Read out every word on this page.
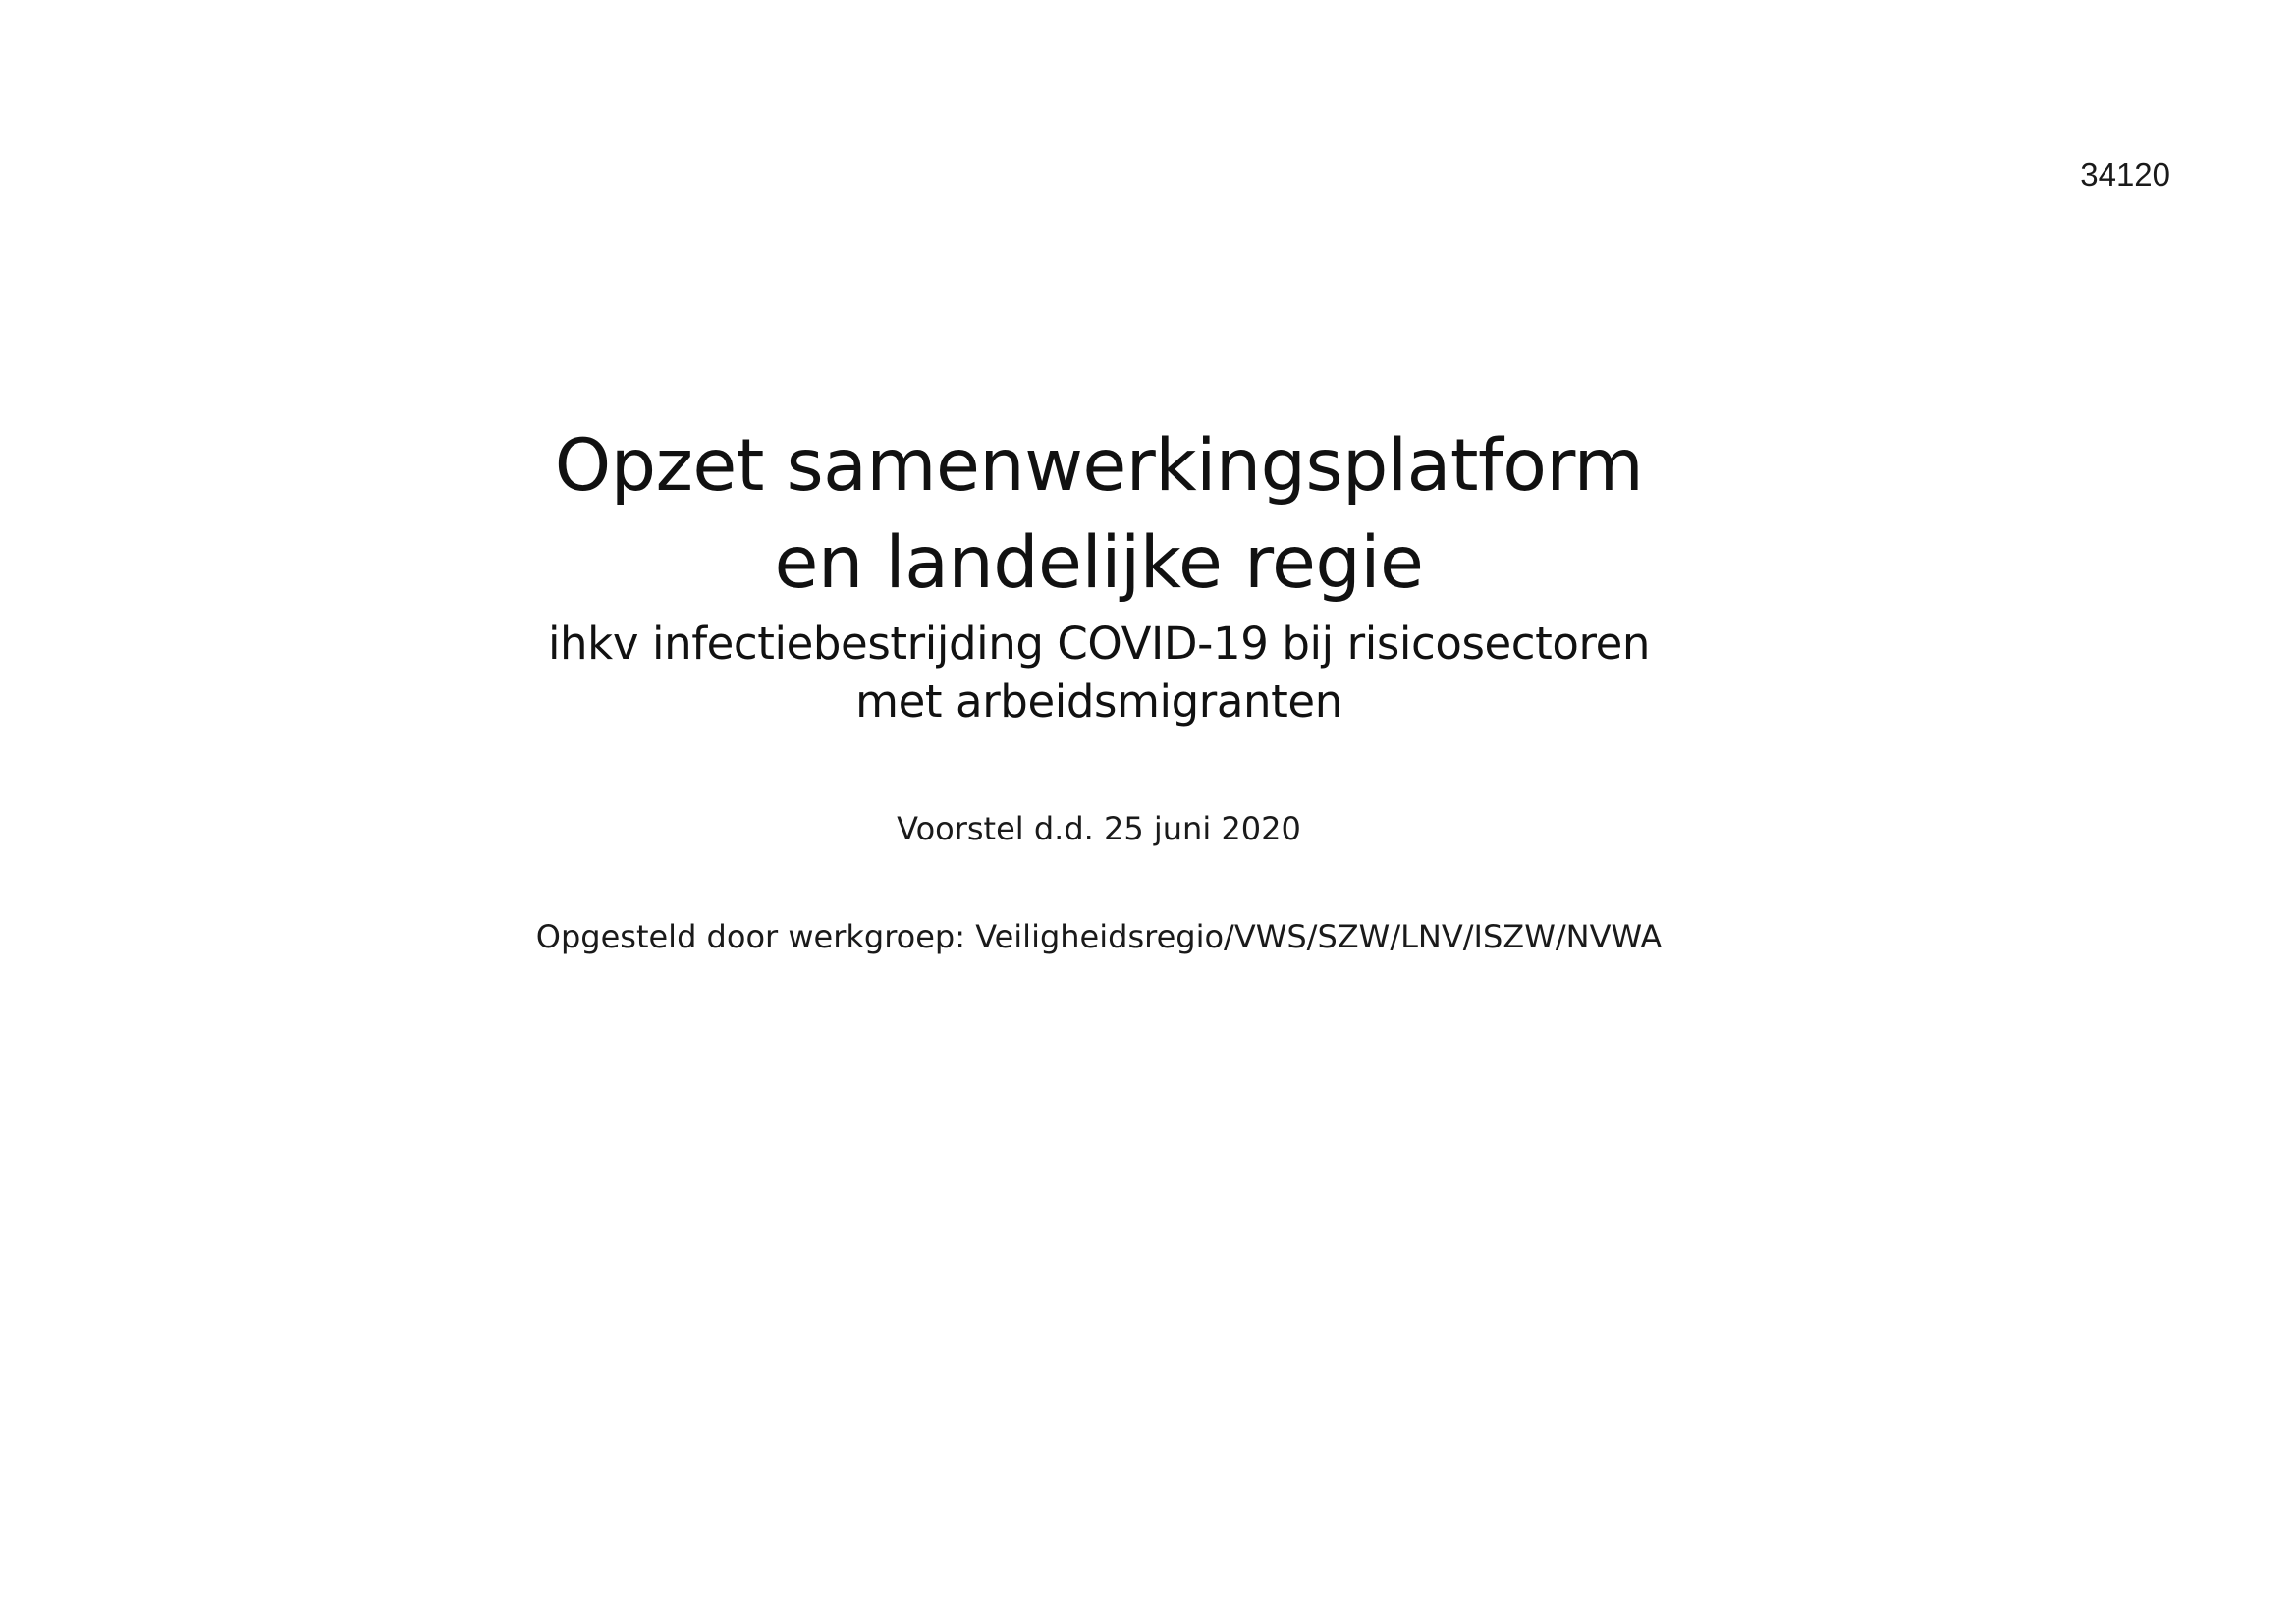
34120
Opzet samenwerkingsplatform
en landelijke regie
ihkv infectiebestrijding COVID-19 bij risicosectoren
met arbeidsmigranten
Voorstel d.d. 25 juni 2020
Opgesteld door werkgroep: Veiligheidsregio/VWS/SZW/LNV/ISZW/NVWA
